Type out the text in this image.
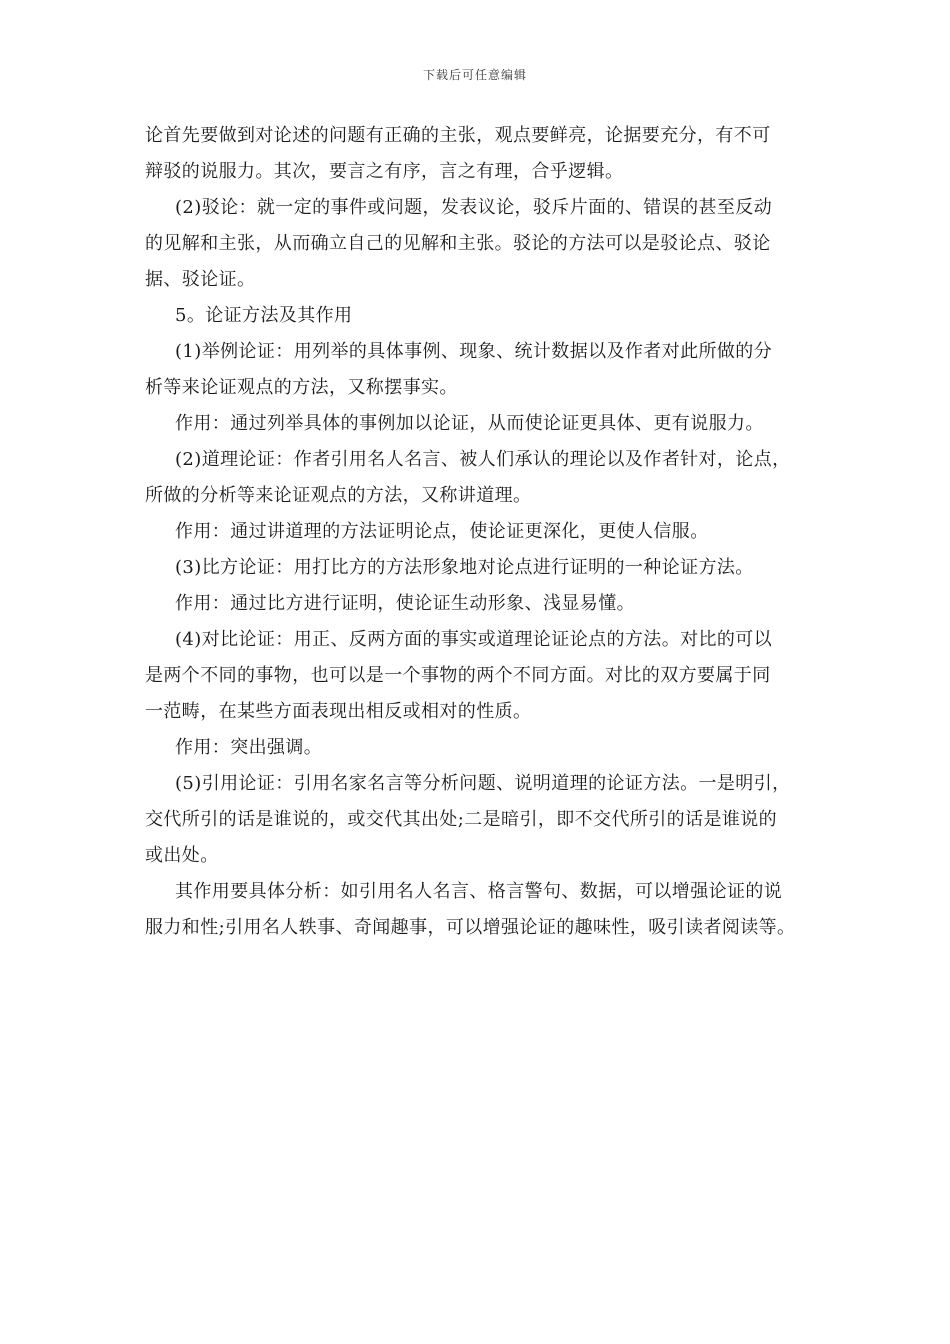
下载后可任意编辑
论首先要做到对论述的问题有正确的主张，观点要鲜亮，论据要充分，有不可
辩驳的说服力。其次，要言之有序，言之有理，合乎逻辑。
(2)驳论：就一定的事件或问题，发表议论，驳斥片面的、错误的甚至反动
的见解和主张，从而确立自己的见解和主张。驳论的方法可以是驳论点、驳论
据、驳论证。
5。论证方法及其作用
(1)举例论证：用列举的具体事例、现象、统计数据以及作者对此所做的分
析等来论证观点的方法，又称摆事实。
作用：通过列举具体的事例加以论证，从而使论证更具体、更有说服力。
(2)道理论证：作者引用名人名言、被人们承认的理论以及作者针对，论点，
所做的分析等来论证观点的方法，又称讲道理。
作用：通过讲道理的方法证明论点，使论证更深化，更使人信服。
(3)比方论证：用打比方的方法形象地对论点进行证明的一种论证方法。
作用：通过比方进行证明，使论证生动形象、浅显易懂。
(4)对比论证：用正、反两方面的事实或道理论证论点的方法。对比的可以
是两个不同的事物，也可以是一个事物的两个不同方面。对比的双方要属于同
一范畴，在某些方面表现出相反或相对的性质。
作用：突出强调。
(5)引用论证：引用名家名言等分析问题、说明道理的论证方法。一是明引，
交代所引的话是谁说的，或交代其出处;二是暗引，即不交代所引的话是谁说的
或出处。
其作用要具体分析：如引用名人名言、格言警句、数据，可以增强论证的说
服力和性;引用名人轶事、奇闻趣事，可以增强论证的趣味性，吸引读者阅读等。
